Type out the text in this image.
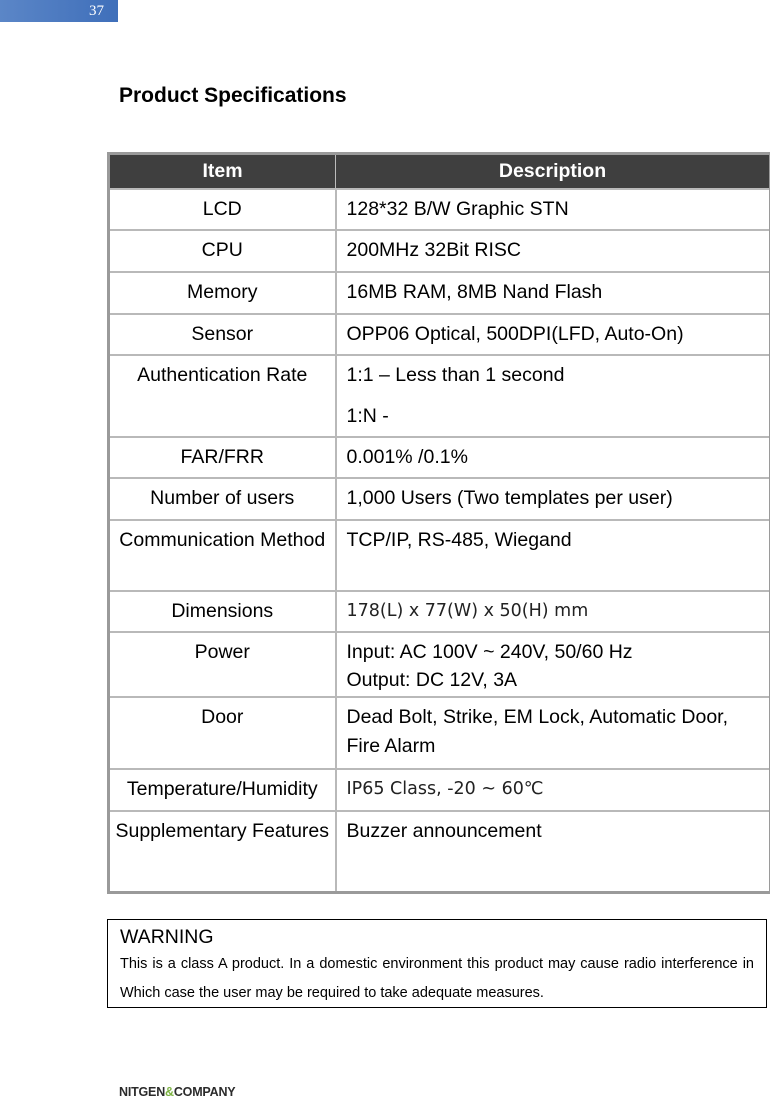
37
Product Specifications
Item	Description
LCD	128*32 B/W Graphic STN

CPU	200MHz 32Bit RISC

Memory	16MB RAM, 8MB Nand Flash

Sensor	OPP06 Optical, 500DPI(LFD, Auto-On)

Authentication Rate	1:1 – Less than 1 second
1:N -

FAR/FRR	0.001% /0.1%

Number of users	1,000 Users (Two templates per user)

Communication Method	TCP/IP, RS-485, Wiegand

Dimensions	178(L) x 77(W) x 50(H) mm

Power	Input: AC 100V ~ 240V, 50/60 Hz
Output: DC 12V, 3A

Door	Dead Bolt, Strike, EM Lock, Automatic Door, Fire Alarm

Temperature/Humidity	IP65 Class, -20 ~ 60℃

Supplementary Features	Buzzer announcement
WARNING
This is a class A product. In a domestic environment this product may cause radio interference in Which case the user may be required to take adequate measures.
NITGEN&COMPANY
